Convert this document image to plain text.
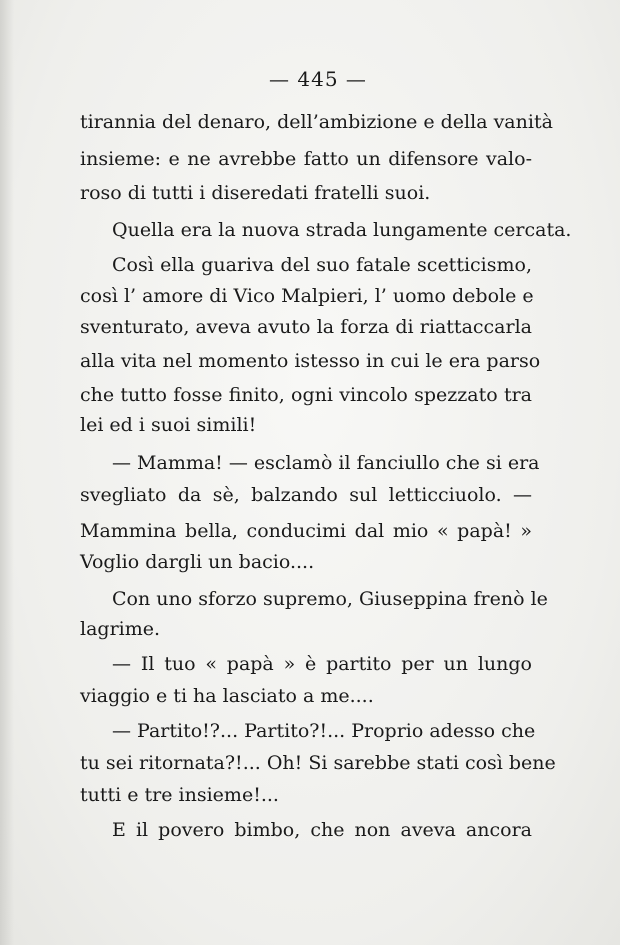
— 445 —
tirannia del denaro, dell’ambizione e della vanità
insieme: e ne avrebbe fatto un difensore valo-
roso di tutti i diseredati fratelli suoi.
Quella era la nuova strada lungamente cercata.
Così ella guariva del suo fatale scetticismo,
così l’ amore di Vico Malpieri, l’ uomo debole e
sventurato, aveva avuto la forza di riattaccarla
alla vita nel momento istesso in cui le era parso
che tutto fosse finito, ogni vincolo spezzato tra
lei ed i suoi simili!
— Mamma! — esclamò il fanciullo che si era
svegliato da sè, balzando sul letticciuolo. —
Mammina bella, conducimi dal mio « papà! »
Voglio dargli un bacio....
Con uno sforzo supremo, Giuseppina frenò le
lagrime.
— Il tuo « papà » è partito per un lungo
viaggio e ti ha lasciato a me....
— Partito!?... Partito?!... Proprio adesso che
tu sei ritornata?!... Oh! Si sarebbe stati così bene
tutti e tre insieme!...
E il povero bimbo, che non aveva ancora
